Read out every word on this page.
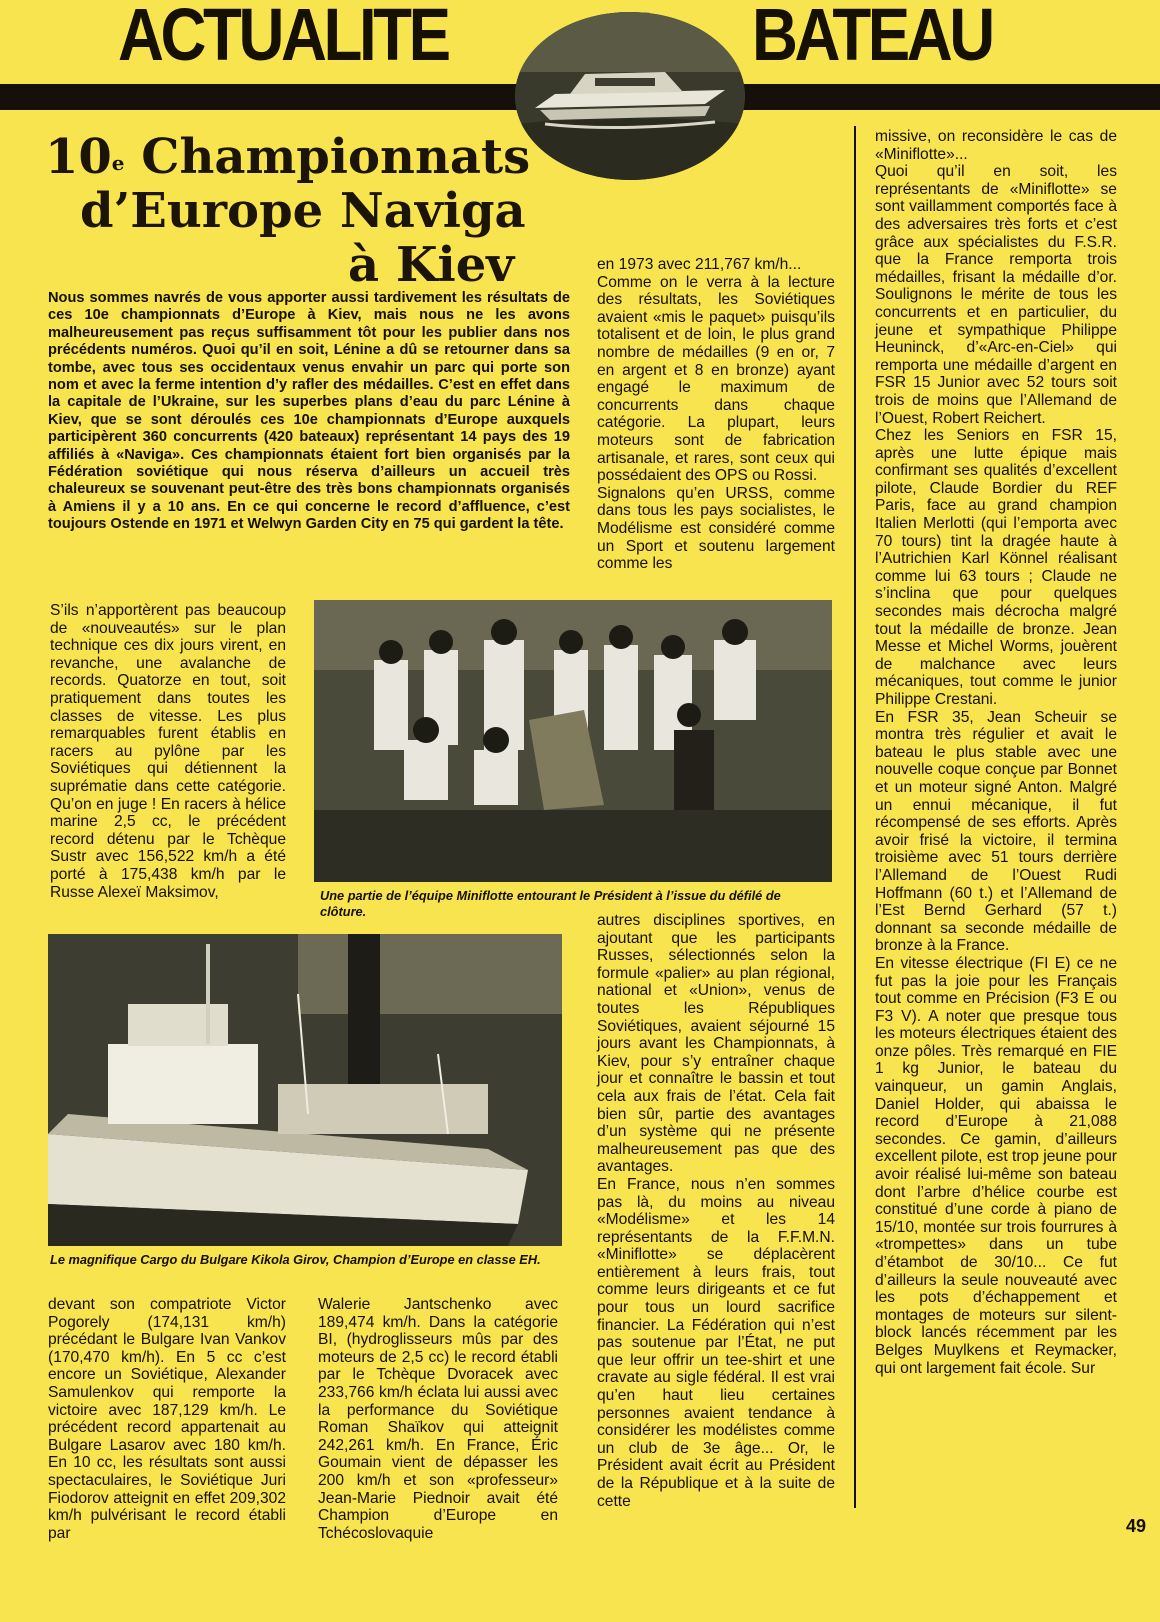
ACTUALITE	BATEAU
10e Championnats
d’Europe Naviga
à Kiev
Nous sommes navrés de vous apporter aussi tardivement les résultats de ces 10e championnats d’Europe à Kiev, mais nous ne les avons malheureusement pas reçus suffisamment tôt pour les publier dans nos précédents numéros. Quoi qu’il en soit, Lénine a dû se retourner dans sa tombe, avec tous ses occidentaux venus envahir un parc qui porte son nom et avec la ferme intention d’y rafler des médailles. C’est en effet dans la capitale de l’Ukraine, sur les superbes plans d’eau du parc Lénine à Kiev, que se sont déroulés ces 10e championnats d’Europe auxquels participèrent 360 concurrents (420 bateaux) représentant 14 pays des 19 affiliés à «Naviga». Ces championnats étaient fort bien organisés par la Fédération soviétique qui nous réserva d’ailleurs un accueil très chaleureux se souvenant peut-être des très bons championnats organisés à Amiens il y a 10 ans. En ce qui concerne le record d’affluence, c’est toujours Ostende en 1971 et Welwyn Garden City en 75 qui gardent la tête.
en 1973 avec 211,767 km/h...
Comme on le verra à la lecture des résultats, les Soviétiques avaient «mis le paquet» puisqu’ils totalisent et de loin, le plus grand nombre de médailles (9 en or, 7 en argent et 8 en bronze) ayant engagé le maximum de concurrents dans chaque catégorie. La plupart, leurs moteurs sont de fabrication artisanale, et rares, sont ceux qui possédaient des OPS ou Rossi.
Signalons qu’en URSS, comme dans tous les pays socialistes, le Modélisme est considéré comme un Sport et soutenu largement comme les
missive, on reconsidère le cas de «Miniflotte»...
Quoi qu’il en soit, les représentants de «Miniflotte» se sont vaillamment comportés face à des adversaires très forts et c’est grâce aux spécialistes du F.S.R. que la France remporta trois médailles, frisant la médaille d’or. Soulignons le mérite de tous les concurrents et en particulier, du jeune et sympathique Philippe Heuninck, d’«Arc-en-Ciel» qui remporta une médaille d’argent en FSR 15 Junior avec 52 tours soit trois de moins que l’Allemand de l’Ouest, Robert Reichert.
Chez les Seniors en FSR 15, après une lutte épique mais confirmant ses qualités d’excellent pilote, Claude Bordier du REF Paris, face au grand champion Italien Merlotti (qui l’emporta avec 70 tours) tint la dragée haute à l’Autrichien Karl Könnel réalisant comme lui 63 tours ; Claude ne s’inclina que pour quelques secondes mais décrocha malgré tout la médaille de bronze. Jean Messe et Michel Worms, jouèrent de malchance avec leurs mécaniques, tout comme le junior Philippe Crestani.
En FSR 35, Jean Scheuir se montra très régulier et avait le bateau le plus stable avec une nouvelle coque conçue par Bonnet et un moteur signé Anton. Malgré un ennui mécanique, il fut récompensé de ses efforts. Après avoir frisé la victoire, il termina troisième avec 51 tours derrière l’Allemand de l’Ouest Rudi Hoffmann (60 t.) et l’Allemand de l’Est Bernd Gerhard (57 t.) donnant sa seconde médaille de bronze à la France.
En vitesse électrique (FI E) ce ne fut pas la joie pour les Français tout comme en Précision (F3 E ou F3 V). A noter que presque tous les moteurs électriques étaient des onze pôles. Très remarqué en FIE 1 kg Junior, le bateau du vainqueur, un gamin Anglais, Daniel Holder, qui abaissa le record d’Europe à 21,088 secondes. Ce gamin, d’ailleurs excellent pilote, est trop jeune pour avoir réalisé lui-même son bateau dont l’arbre d’hélice courbe est constitué d’une corde à piano de 15/10, montée sur trois fourrures à «trompettes» dans un tube d’étambot de 30/10... Ce fut d’ailleurs la seule nouveauté avec les pots d’échappement et montages de moteurs sur silent-block lancés récemment par les Belges Muylkens et Reymacker, qui ont largement fait école. Sur
S’ils n’apportèrent pas beaucoup de «nouveautés» sur le plan technique ces dix jours virent, en revanche, une avalanche de records. Quatorze en tout, soit pratiquement dans toutes les classes de vitesse. Les plus remarquables furent établis en racers au pylône par les Soviétiques qui détiennent la suprématie dans cette catégorie. Qu’on en juge ! En racers à hélice marine 2,5 cc, le précédent record détenu par le Tchèque Sustr avec 156,522 km/h a été porté à 175,438 km/h par le Russe Alexeï Maksimov,	Une partie de l’équipe Miniflotte entourant le Président à l’issue du défilé de clôture.
Le magnifique Cargo du Bulgare Kikola Girov, Champion d’Europe en classe EH.
autres disciplines sportives, en ajoutant que les participants Russes, sélectionnés selon la formule «palier» au plan régional, national et «Union», venus de toutes les Républiques Soviétiques, avaient séjourné 15 jours avant les Championnats, à Kiev, pour s’y entraîner chaque jour et connaître le bassin et tout cela aux frais de l’état. Cela fait bien sûr, partie des avantages d’un système qui ne présente malheureusement pas que des avantages.
En France, nous n’en sommes pas là, du moins au niveau «Modélisme» et les 14 représentants de la F.F.M.N. «Miniflotte» se déplacèrent entièrement à leurs frais, tout comme leurs dirigeants et ce fut pour tous un lourd sacrifice financier. La Fédération qui n’est pas soutenue par l’État, ne put que leur offrir un tee-shirt et une cravate au sigle fédéral. Il est vrai qu’en haut lieu certaines personnes avaient tendance à considérer les modélistes comme un club de 3e âge... Or, le Président avait écrit au Président de la République et à la suite de cette
devant son compatriote Victor Pogorely (174,131 km/h) précédant le Bulgare Ivan Vankov (170,470 km/h). En 5 cc c’est encore un Soviétique, Alexander Samulenkov qui remporte la victoire avec 187,129 km/h. Le précédent record appartenait au Bulgare Lasarov avec 180 km/h. En 10 cc, les résultats sont aussi spectaculaires, le Soviétique Juri Fiodorov atteignit en effet 209,302 km/h pulvérisant le record établi par
Walerie Jantschenko avec 189,474 km/h. Dans la catégorie BI, (hydroglisseurs mûs par des moteurs de 2,5 cc) le record établi par le Tchèque Dvoracek avec 233,766 km/h éclata lui aussi avec la performance du Soviétique Roman Shaïkov qui atteignit 242,261 km/h. En France, Éric Goumain vient de dépasser les 200 km/h et son «professeur» Jean-Marie Piednoir avait été Champion d’Europe en Tchécoslovaquie	49
